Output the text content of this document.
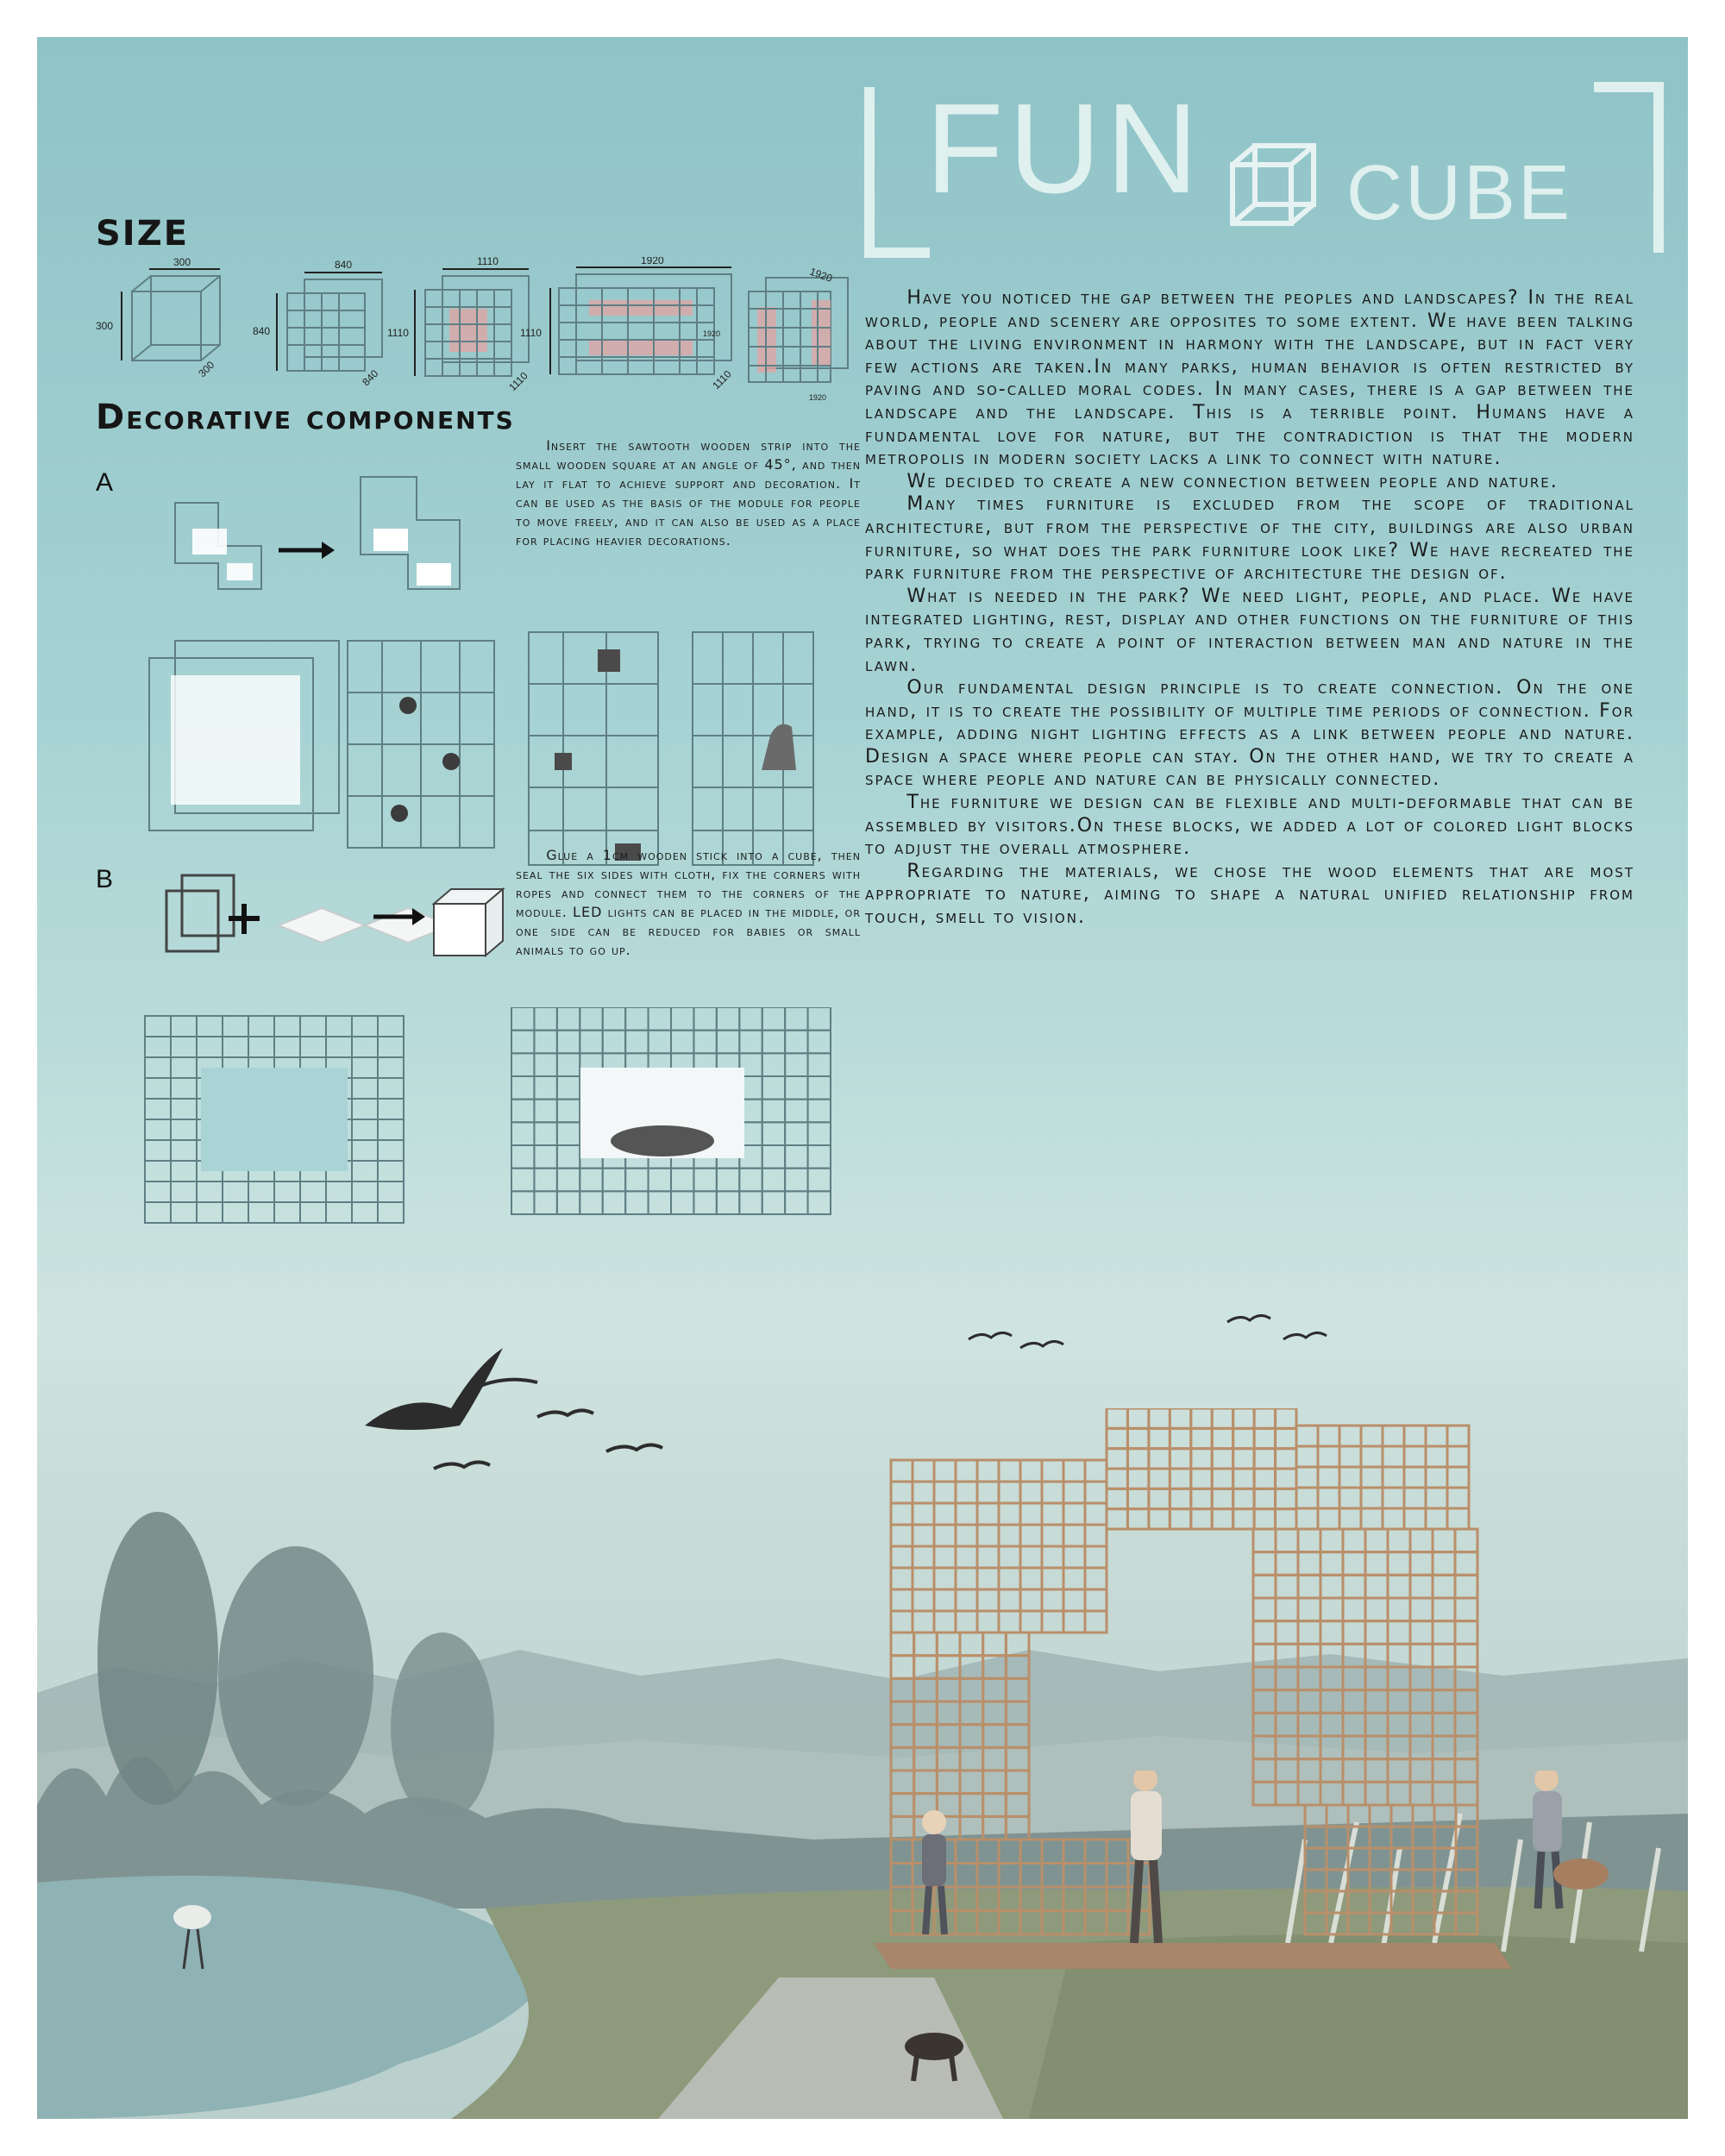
FUN CUBE
SIZE
300
300
300
840
840
840
1110
1110
1110
1920
1110
1110
1920
1920
1920
Decorative components
A

Insert the sawtooth wooden strip into the small wooden square at an angle of 45°, and then lay it flat to achieve support and decoration. It can be used as the basis of the module for people to move freely, and it can also be used as a place for placing heavier decorations.

B

Glue a 1cm wooden stick into a cube, then seal the six sides with cloth, fix the corners with ropes and connect them to the corners of the module. LED lights can be placed in the middle, or one side can be reduced for babies or small animals to go up.

Have you noticed the gap between the peoples and landscapes? In the real world, people and scenery are opposites to some extent. We have been talking about the living environment in harmony with the landscape, but in fact very few actions are taken.In many parks, human behavior is often restricted by paving and so-called moral codes. In many cases, there is a gap between the landscape and the landscape. This is a terrible point. Humans have a fundamental love for nature, but the contradiction is that the modern metropolis in modern society lacks a link to connect with nature.

We decided to create a new connection between people and nature.

Many times furniture is excluded from the scope of traditional architecture, but from the perspective of the city, buildings are also urban furniture, so what does the park furniture look like? We have recreated the park furniture from the perspective of architecture the design of.

What is needed in the park? We need light, people, and place. We have integrated lighting, rest, display and other functions on the furniture of this park, trying to create a point of interaction between man and nature in the lawn.

Our fundamental design principle is to create connection. On the one hand, it is to create the possibility of multiple time periods of connection. For example, adding night lighting effects as a link between people and nature. Design a space where people can stay. On the other hand, we try to create a space where people and nature can be physically connected.

The furniture we design can be flexible and multi-deformable that can be assembled by visitors.On these blocks, we added a lot of colored light blocks to adjust the overall atmosphere.

Regarding the materials, we chose the wood elements that are most appropriate to nature, aiming to shape a natural unified relationship from touch, smell to vision.
